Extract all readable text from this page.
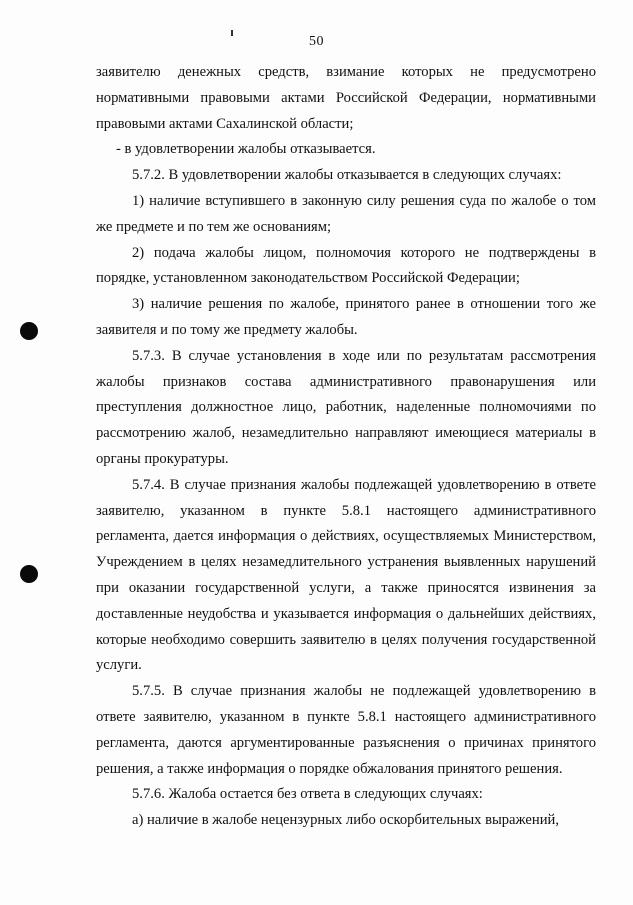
50

заявителю денежных средств, взимание которых не предусмотрено нормативными правовыми актами Российской Федерации, нормативными правовыми актами Сахалинской области;

- в удовлетворении жалобы отказывается.

5.7.2. В удовлетворении жалобы отказывается в следующих случаях:

1) наличие вступившего в законную силу решения суда по жалобе о том же предмете и по тем же основаниям;

2) подача жалобы лицом, полномочия которого не подтверждены в порядке, установленном законодательством Российской Федерации;

3) наличие решения по жалобе, принятого ранее в отношении того же заявителя и по тому же предмету жалобы.

5.7.3. В случае установления в ходе или по результатам рассмотрения жалобы признаков состава административного правонарушения или преступления должностное лицо, работник, наделенные полномочиями по рассмотрению жалоб, незамедлительно направляют имеющиеся материалы в органы прокуратуры.

5.7.4. В случае признания жалобы подлежащей удовлетворению в ответе заявителю, указанном в пункте 5.8.1 настоящего административного регламента, дается информация о действиях, осуществляемых Министерством, Учреждением в целях незамедлительного устранения выявленных нарушений при оказании государственной услуги, а также приносятся извинения за доставленные неудобства и указывается информация о дальнейших действиях, которые необходимо совершить заявителю в целях получения государственной услуги.

5.7.5. В случае признания жалобы не подлежащей удовлетворению в ответе заявителю, указанном в пункте 5.8.1 настоящего административного регламента, даются аргументированные разъяснения о причинах принятого решения, а также информация о порядке обжалования принятого решения.

5.7.6. Жалоба остается без ответа в следующих случаях:

а) наличие в жалобе нецензурных либо оскорбительных выражений,
